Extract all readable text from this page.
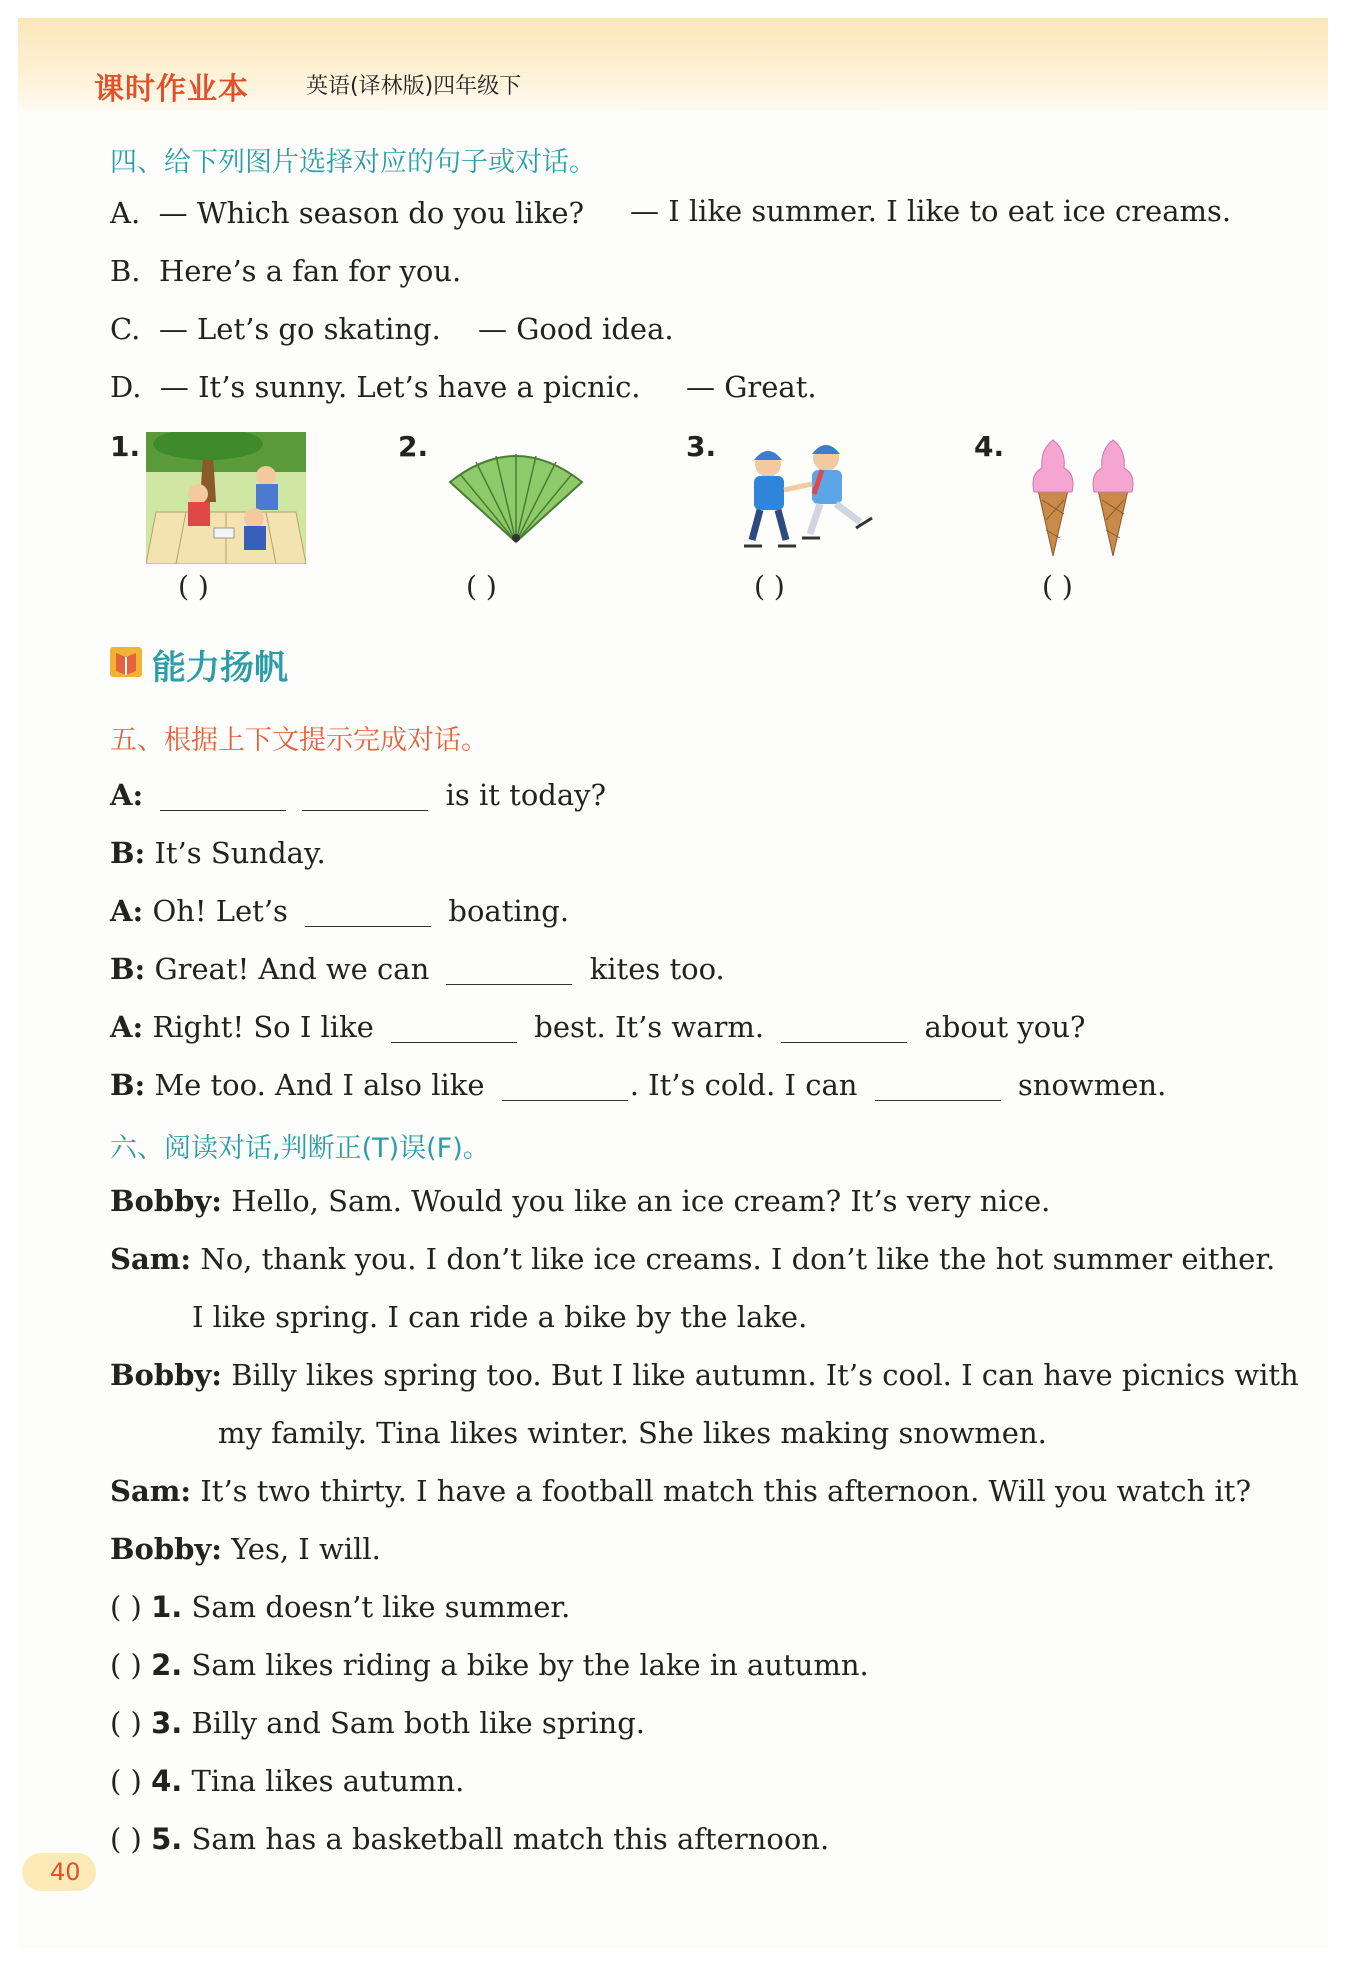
课时作业本	英语(译林版)四年级下
四、给下列图片选择对应的句子或对话。
A. — Which season do you like? — I like summer. I like to eat ice creams.
B. Here’s a fan for you.
C. — Let’s go skating. — Good idea.
D. — It’s sunny. Let’s have a picnic. — Great.
1.
( )
2.
( )
3.
( )
4.
( )
能力扬帆
五、根据上下文提示完成对话。
A:	is it today?
B: It’s Sunday.
A: Oh! Let’s	boating.
B: Great! And we can	kites too.
A: Right! So I like	best. It’s warm.	about you?
B: Me too. And I also like	. It’s cold. I can	snowmen.
六、阅读对话,判断正(T)误(F)。
Bobby: Hello, Sam. Would you like an ice cream? It’s very nice.
Sam: No, thank you. I don’t like ice creams. I don’t like the hot summer either.
I like spring. I can ride a bike by the lake.
Bobby: Billy likes spring too. But I like autumn. It’s cool. I can have picnics with
my family. Tina likes winter. She likes making snowmen.
Sam: It’s two thirty. I have a football match this afternoon. Will you watch it?
Bobby: Yes, I will.
( ) 1. Sam doesn’t like summer.
( ) 2. Sam likes riding a bike by the lake in autumn.
( ) 3. Billy and Sam both like spring.
( ) 4. Tina likes autumn.
( ) 5. Sam has a basketball match this afternoon.
40
